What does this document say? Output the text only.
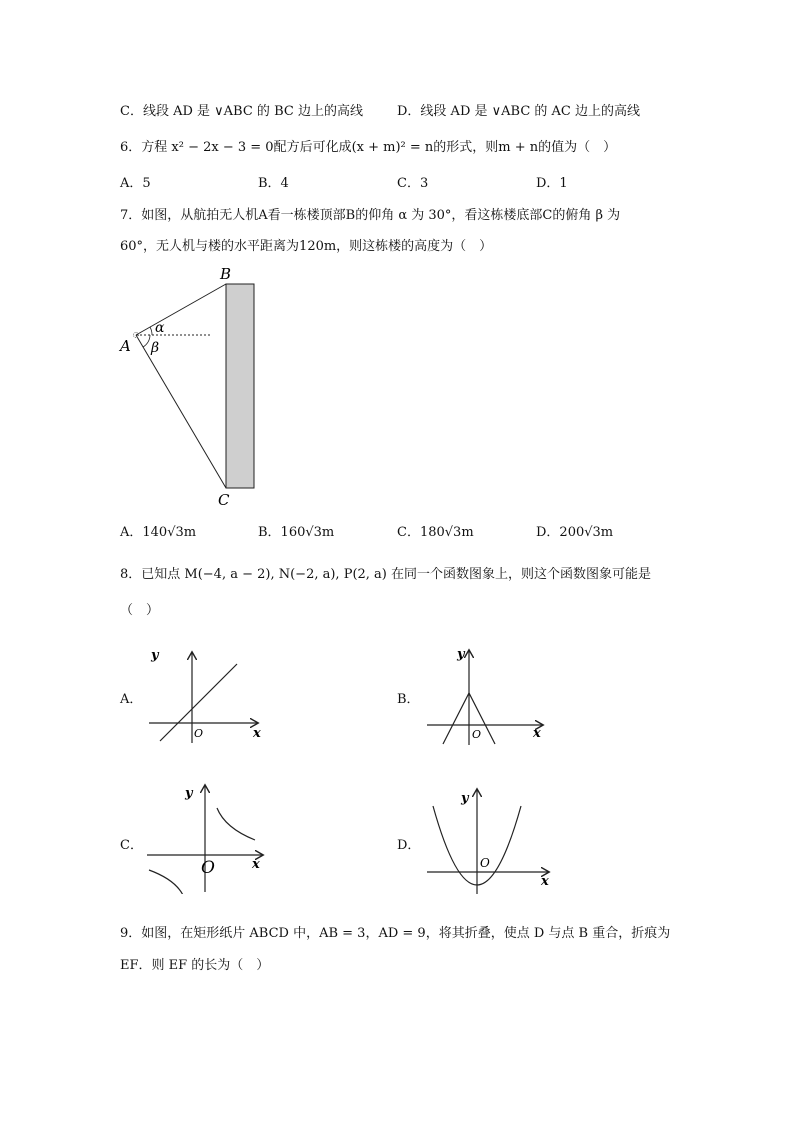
C．线段 AD 是 ∨ABC 的 BC 边上的高线	D．线段 AD 是 ∨ABC 的 AC 边上的高线
6．方程 x² − 2x − 3 = 0配方后可化成(x + m)² = n的形式，则m + n的值为（　）
A．5	B．4	C．3	D．1
7．如图，从航拍无人机A看一栋楼顶部B的仰角 α 为 30°，看这栋楼底部C的俯角 β 为
60°，无人机与楼的水平距离为120m，则这栋楼的高度为（　）
A
B
C
α
β
A．140√3m	B．160√3m	C．180√3m	D．200√3m
8．已知点 M(−4, a − 2), N(−2, a), P(2, a) 在同一个函数图象上，则这个函数图象可能是
（　）
A．
y
x
O
B．
y
x
O
C．
y
x
O
D．
y
x
O
9．如图，在矩形纸片 ABCD 中，AB = 3，AD = 9，将其折叠，使点 D 与点 B 重合，折痕为
EF．则 EF 的长为（　）
